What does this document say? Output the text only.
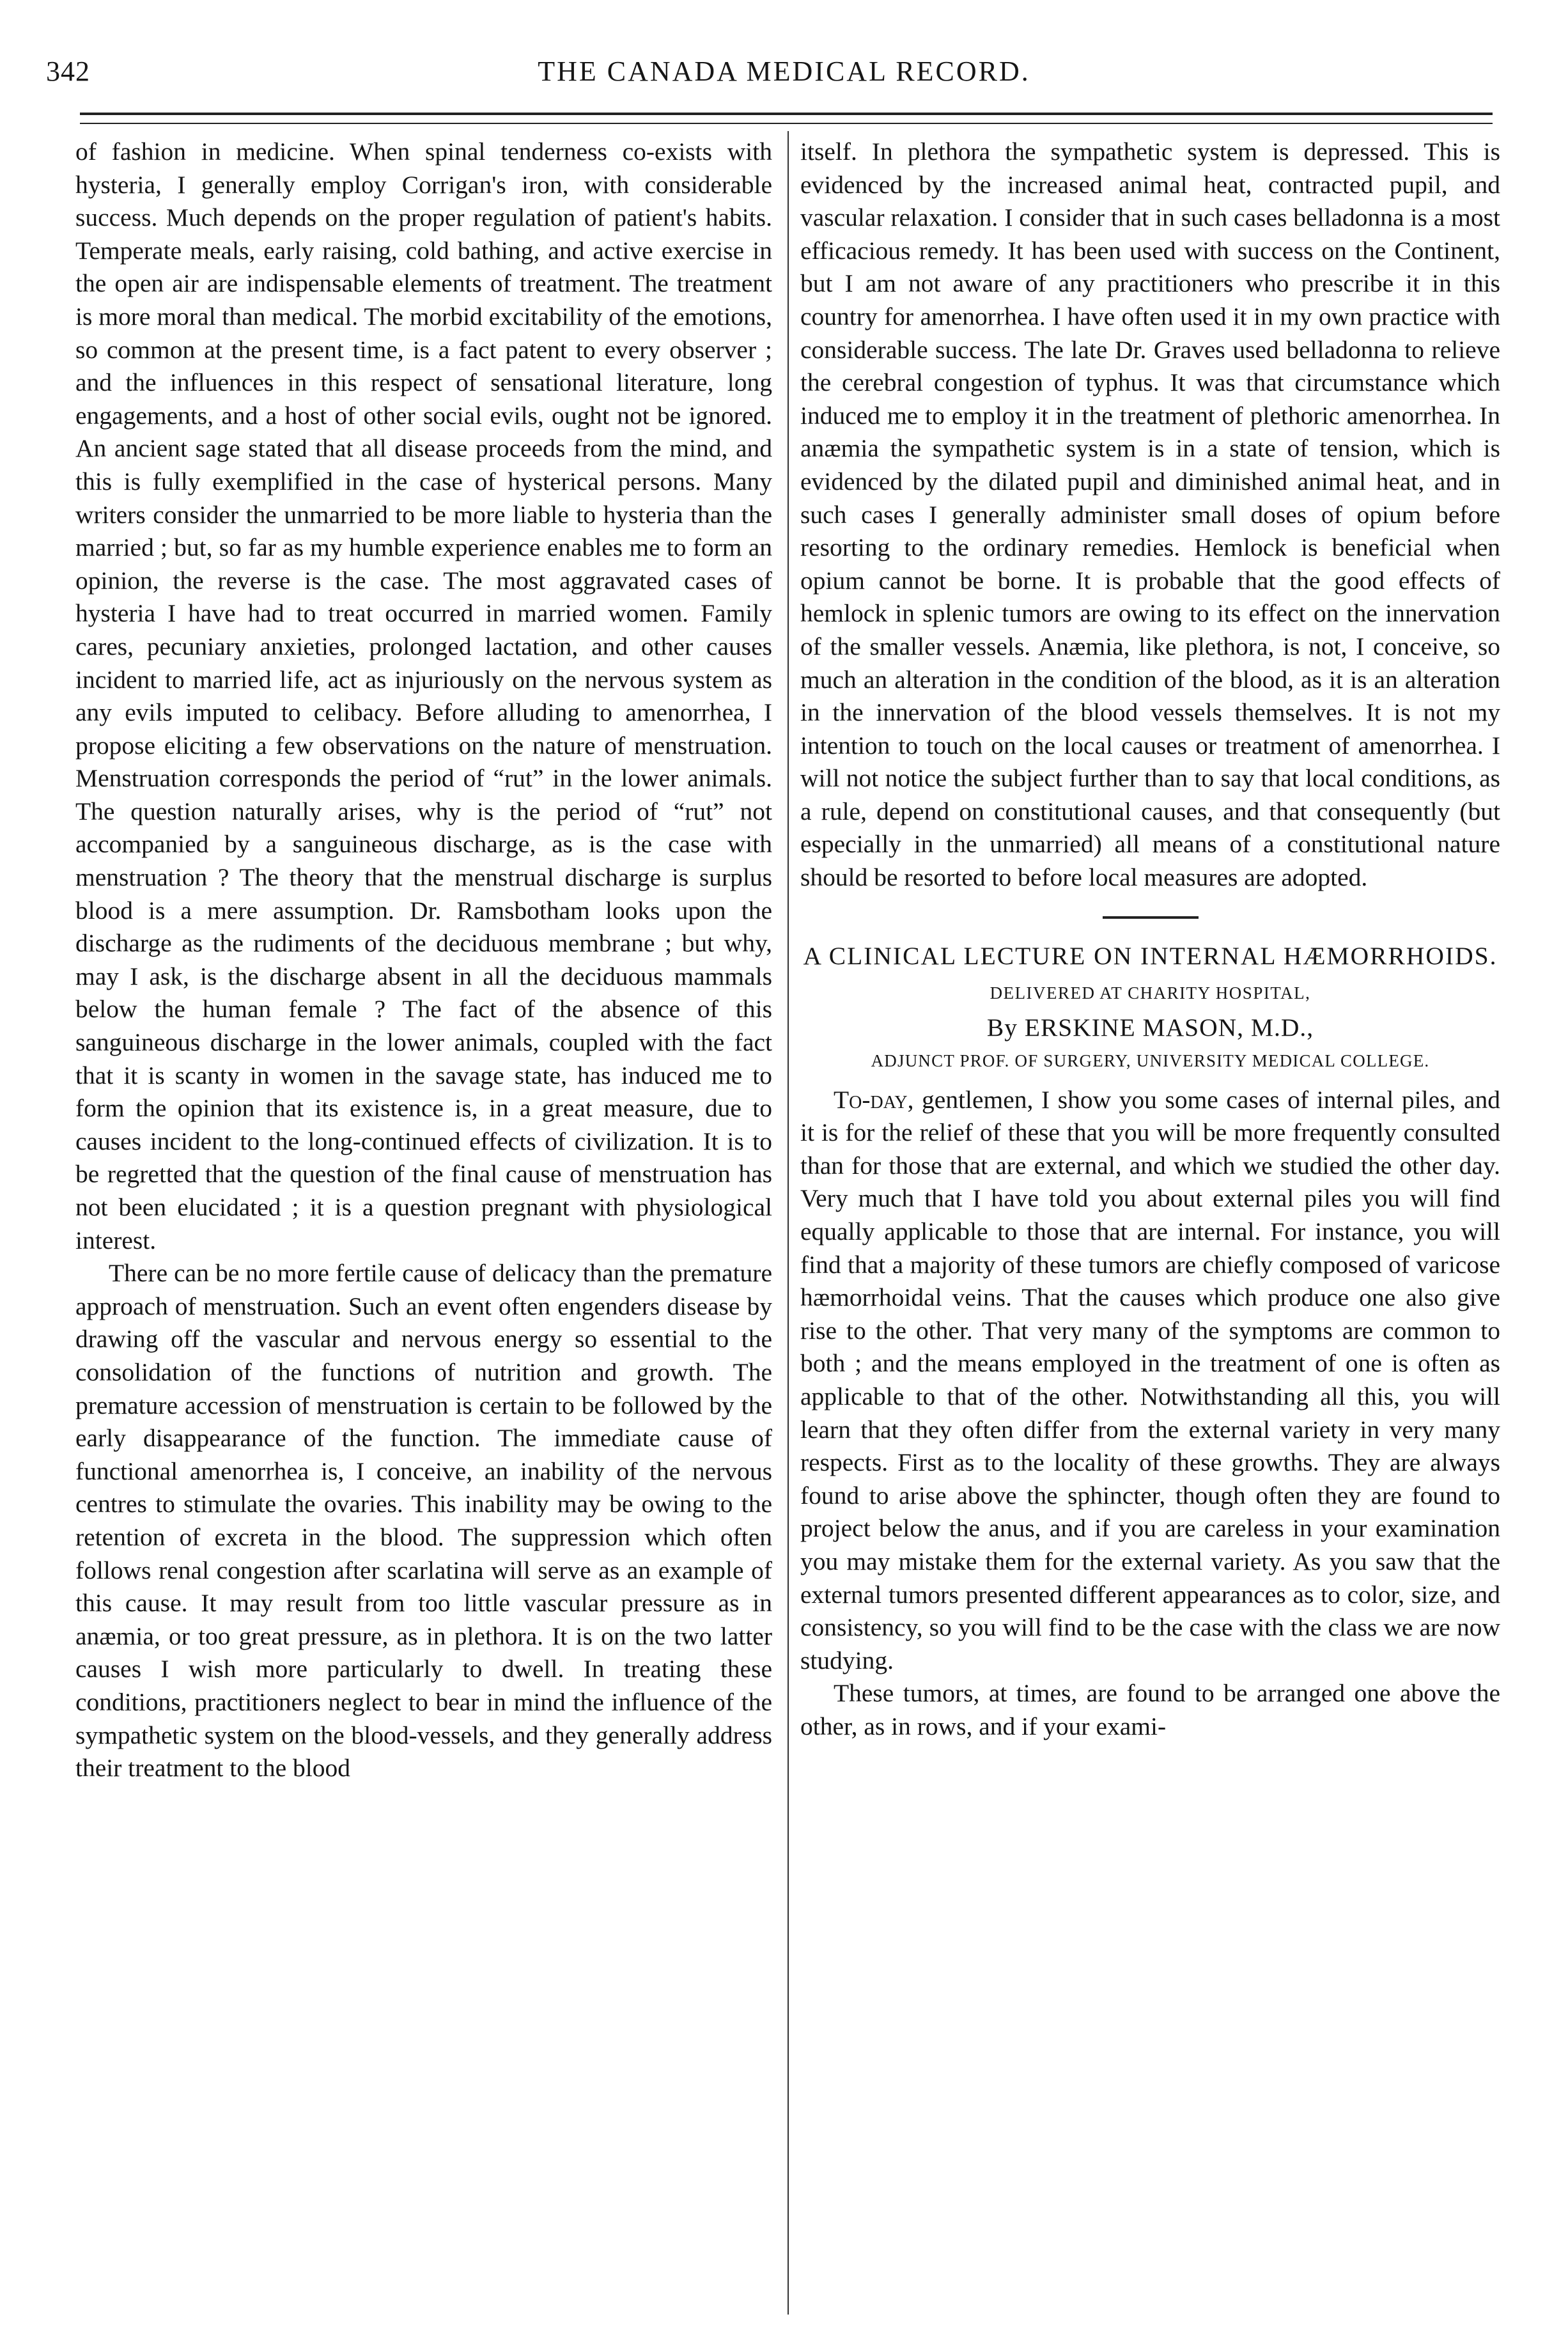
342	THE CANADA MEDICAL RECORD.

of fashion in medicine. When spinal tenderness co-exists with hysteria, I generally employ Corrigan's iron, with considerable success. Much depends on the proper regulation of patient's habits. Temperate meals, early raising, cold bathing, and active exercise in the open air are indispensable elements of treatment. The treatment is more moral than medical. The morbid excitability of the emotions, so common at the present time, is a fact patent to every observer ; and the influences in this respect of sensational literature, long engagements, and a host of other social evils, ought not be ignored. An ancient sage stated that all disease proceeds from the mind, and this is fully exemplified in the case of hysterical persons. Many writers consider the unmarried to be more liable to hysteria than the married ; but, so far as my humble experience enables me to form an opinion, the reverse is the case. The most aggravated cases of hysteria I have had to treat occurred in married women. Family cares, pecuniary anxieties, prolonged lactation, and other causes incident to married life, act as injuriously on the nervous system as any evils imputed to celibacy. Before alluding to amenorrhea, I propose eliciting a few observations on the nature of menstruation. Menstruation corresponds the period of “rut” in the lower animals. The question naturally arises, why is the period of “rut” not accompanied by a sanguineous discharge, as is the case with menstruation ? The theory that the menstrual discharge is surplus blood is a mere assumption. Dr. Ramsbotham looks upon the discharge as the rudiments of the deciduous membrane ; but why, may I ask, is the discharge absent in all the deciduous mammals below the human female ? The fact of the absence of this sanguineous discharge in the lower animals, coupled with the fact that it is scanty in women in the savage state, has induced me to form the opinion that its existence is, in a great measure, due to causes incident to the long-continued effects of civilization. It is to be regretted that the question of the final cause of menstruation has not been elucidated ; it is a question pregnant with physiological interest.

There can be no more fertile cause of delicacy than the premature approach of menstruation. Such an event often engenders disease by drawing off the vascular and nervous energy so essential to the consolidation of the functions of nutrition and growth. The premature accession of menstruation is certain to be followed by the early disappearance of the function. The immediate cause of functional amenorrhea is, I conceive, an inability of the nervous centres to stimulate the ovaries. This inability may be owing to the retention of excreta in the blood. The suppression which often follows renal congestion after scarlatina will serve as an example of this cause. It may result from too little vascular pressure as in anæmia, or too great pressure, as in plethora. It is on the two latter causes I wish more particularly to dwell. In treating these conditions, practitioners neglect to bear in mind the influence of the sympathetic system on the blood-vessels, and they generally address their treatment to the blood

itself. In plethora the sympathetic system is depressed. This is evidenced by the increased animal heat, contracted pupil, and vascular relaxation. I consider that in such cases belladonna is a most efficacious remedy. It has been used with success on the Continent, but I am not aware of any practitioners who prescribe it in this country for amenorrhea. I have often used it in my own practice with considerable success. The late Dr. Graves used belladonna to relieve the cerebral congestion of typhus. It was that circumstance which induced me to employ it in the treatment of plethoric amenorrhea. In anæmia the sympathetic system is in a state of tension, which is evidenced by the dilated pupil and diminished animal heat, and in such cases I generally administer small doses of opium before resorting to the ordinary remedies. Hemlock is beneficial when opium cannot be borne. It is probable that the good effects of hemlock in splenic tumors are owing to its effect on the innervation of the smaller vessels. Anæmia, like plethora, is not, I conceive, so much an alteration in the condition of the blood, as it is an alteration in the innervation of the blood vessels themselves. It is not my intention to touch on the local causes or treatment of amenorrhea. I will not notice the subject further than to say that local conditions, as a rule, depend on constitutional causes, and that consequently (but especially in the unmarried) all means of a constitutional nature should be resorted to before local measures are adopted.

A CLINICAL LECTURE ON INTERNAL HÆMORRHOIDS.
DELIVERED AT CHARITY HOSPITAL,
By ERSKINE MASON, M.D.,
ADJUNCT PROF. OF SURGERY, UNIVERSITY MEDICAL COLLEGE.

To-day, gentlemen, I show you some cases of internal piles, and it is for the relief of these that you will be more frequently consulted than for those that are external, and which we studied the other day. Very much that I have told you about external piles you will find equally applicable to those that are internal. For instance, you will find that a majority of these tumors are chiefly composed of varicose hæmorrhoidal veins. That the causes which produce one also give rise to the other. That very many of the symptoms are common to both ; and the means employed in the treatment of one is often as applicable to that of the other. Notwithstanding all this, you will learn that they often differ from the external variety in very many respects. First as to the locality of these growths. They are always found to arise above the sphincter, though often they are found to project below the anus, and if you are careless in your examination you may mistake them for the external variety. As you saw that the external tumors presented different appearances as to color, size, and consistency, so you will find to be the case with the class we are now studying.

These tumors, at times, are found to be arranged one above the other, as in rows, and if your exami-
